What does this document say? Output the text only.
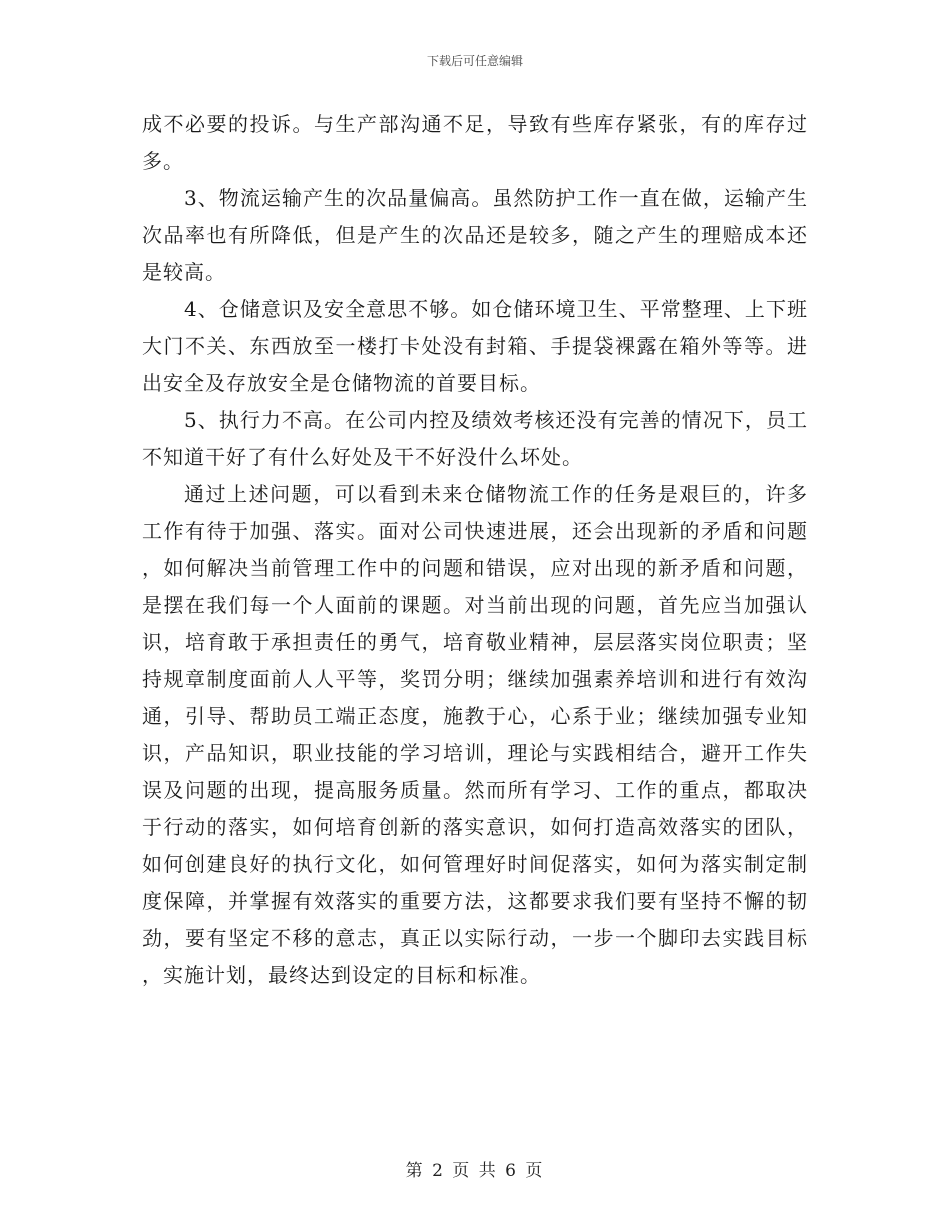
下载后可任意编辑

成不必要的投诉。与生产部沟通不足，导致有些库存紧张，有的库存过多。

3、物流运输产生的次品量偏高。虽然防护工作一直在做，运输产生次品率也有所降低，但是产生的次品还是较多，随之产生的理赔成本还是较高。

4、仓储意识及安全意思不够。如仓储环境卫生、平常整理、上下班大门不关、东西放至一楼打卡处没有封箱、手提袋裸露在箱外等等。进出安全及存放安全是仓储物流的首要目标。

5、执行力不高。在公司内控及绩效考核还没有完善的情况下，员工不知道干好了有什么好处及干不好没什么坏处。

通过上述问题，可以看到未来仓储物流工作的任务是艰巨的，许多工作有待于加强、落实。面对公司快速进展，还会出现新的矛盾和问题，如何解决当前管理工作中的问题和错误，应对出现的新矛盾和问题，是摆在我们每一个人面前的课题。对当前出现的问题，首先应当加强认识，培育敢于承担责任的勇气，培育敬业精神，层层落实岗位职责；坚持规章制度面前人人平等，奖罚分明；继续加强素养培训和进行有效沟通，引导、帮助员工端正态度，施教于心，心系于业；继续加强专业知识，产品知识，职业技能的学习培训，理论与实践相结合，避开工作失误及问题的出现，提高服务质量。然而所有学习、工作的重点，都取决于行动的落实，如何培育创新的落实意识，如何打造高效落实的团队，如何创建良好的执行文化，如何管理好时间促落实，如何为落实制定制度保障，并掌握有效落实的重要方法，这都要求我们要有坚持不懈的韧劲，要有坚定不移的意志，真正以实际行动，一步一个脚印去实践目标，实施计划，最终达到设定的目标和标准。

第 2 页 共 6 页
